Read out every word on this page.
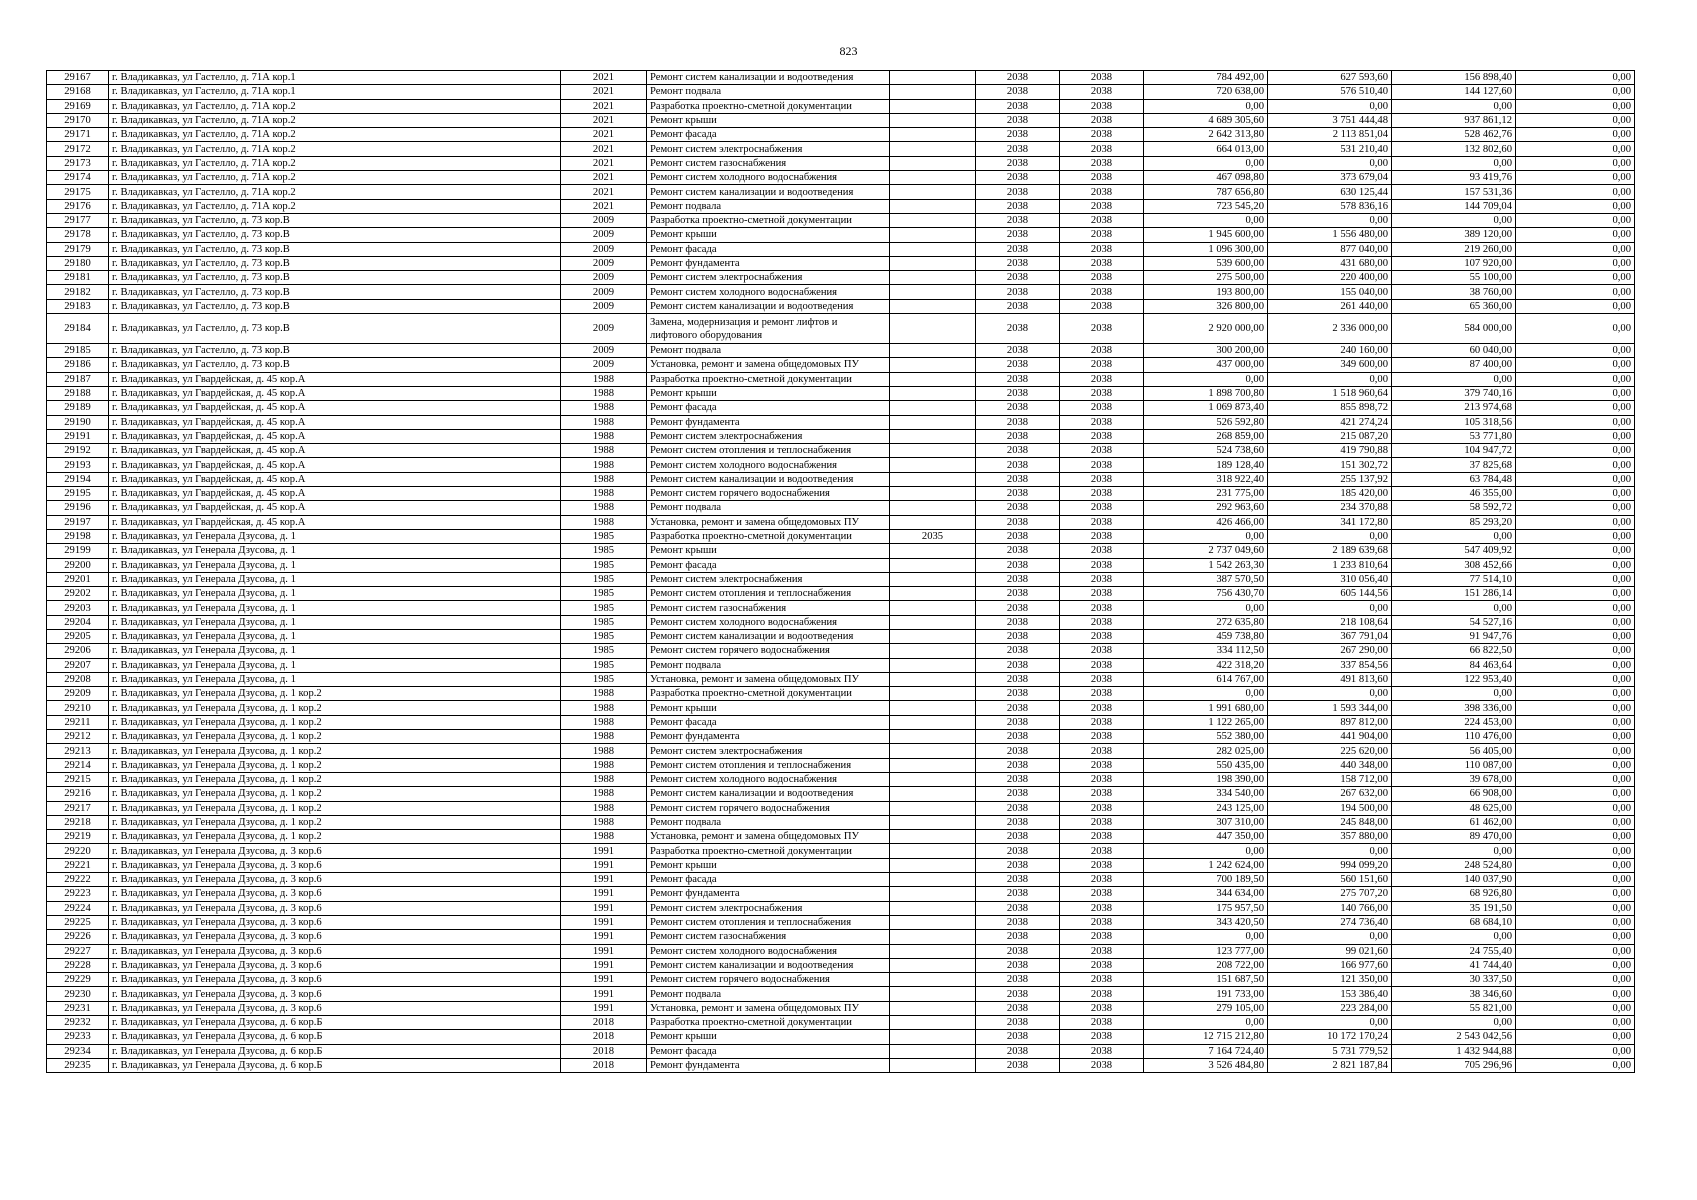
823
29167	г. Владикавказ, ул Гастелло, д. 71А кор.1	2021	Ремонт систем канализации и водоотведения		2038	2038	784 492,00	627 593,60	156 898,40	0,00
29168	г. Владикавказ, ул Гастелло, д. 71А кор.1	2021	Ремонт подвала		2038	2038	720 638,00	576 510,40	144 127,60	0,00
29169	г. Владикавказ, ул Гастелло, д. 71А кор.2	2021	Разработка проектно-сметной документации		2038	2038	0,00	0,00	0,00	0,00
29170	г. Владикавказ, ул Гастелло, д. 71А кор.2	2021	Ремонт крыши		2038	2038	4 689 305,60	3 751 444,48	937 861,12	0,00
29171	г. Владикавказ, ул Гастелло, д. 71А кор.2	2021	Ремонт фасада		2038	2038	2 642 313,80	2 113 851,04	528 462,76	0,00
29172	г. Владикавказ, ул Гастелло, д. 71А кор.2	2021	Ремонт систем электроснабжения		2038	2038	664 013,00	531 210,40	132 802,60	0,00
29173	г. Владикавказ, ул Гастелло, д. 71А кор.2	2021	Ремонт систем газоснабжения		2038	2038	0,00	0,00	0,00	0,00
29174	г. Владикавказ, ул Гастелло, д. 71А кор.2	2021	Ремонт систем холодного водоснабжения		2038	2038	467 098,80	373 679,04	93 419,76	0,00
29175	г. Владикавказ, ул Гастелло, д. 71А кор.2	2021	Ремонт систем канализации и водоотведения		2038	2038	787 656,80	630 125,44	157 531,36	0,00
29176	г. Владикавказ, ул Гастелло, д. 71А кор.2	2021	Ремонт подвала		2038	2038	723 545,20	578 836,16	144 709,04	0,00
29177	г. Владикавказ, ул Гастелло, д. 73 кор.В	2009	Разработка проектно-сметной документации		2038	2038	0,00	0,00	0,00	0,00
29178	г. Владикавказ, ул Гастелло, д. 73 кор.В	2009	Ремонт крыши		2038	2038	1 945 600,00	1 556 480,00	389 120,00	0,00
29179	г. Владикавказ, ул Гастелло, д. 73 кор.В	2009	Ремонт фасада		2038	2038	1 096 300,00	877 040,00	219 260,00	0,00
29180	г. Владикавказ, ул Гастелло, д. 73 кор.В	2009	Ремонт фундамента		2038	2038	539 600,00	431 680,00	107 920,00	0,00
29181	г. Владикавказ, ул Гастелло, д. 73 кор.В	2009	Ремонт систем электроснабжения		2038	2038	275 500,00	220 400,00	55 100,00	0,00
29182	г. Владикавказ, ул Гастелло, д. 73 кор.В	2009	Ремонт систем холодного водоснабжения		2038	2038	193 800,00	155 040,00	38 760,00	0,00
29183	г. Владикавказ, ул Гастелло, д. 73 кор.В	2009	Ремонт систем канализации и водоотведения		2038	2038	326 800,00	261 440,00	65 360,00	0,00
29184	г. Владикавказ, ул Гастелло, д. 73 кор.В	2009	Замена, модернизация и ремонт лифтов и лифтового оборудования		2038	2038	2 920 000,00	2 336 000,00	584 000,00	0,00
29185	г. Владикавказ, ул Гастелло, д. 73 кор.В	2009	Ремонт подвала		2038	2038	300 200,00	240 160,00	60 040,00	0,00
29186	г. Владикавказ, ул Гастелло, д. 73 кор.В	2009	Установка, ремонт и замена общедомовых ПУ		2038	2038	437 000,00	349 600,00	87 400,00	0,00
29187	г. Владикавказ, ул Гвардейская, д. 45 кор.А	1988	Разработка проектно-сметной документации		2038	2038	0,00	0,00	0,00	0,00
29188	г. Владикавказ, ул Гвардейская, д. 45 кор.А	1988	Ремонт крыши		2038	2038	1 898 700,80	1 518 960,64	379 740,16	0,00
29189	г. Владикавказ, ул Гвардейская, д. 45 кор.А	1988	Ремонт фасада		2038	2038	1 069 873,40	855 898,72	213 974,68	0,00
29190	г. Владикавказ, ул Гвардейская, д. 45 кор.А	1988	Ремонт фундамента		2038	2038	526 592,80	421 274,24	105 318,56	0,00
29191	г. Владикавказ, ул Гвардейская, д. 45 кор.А	1988	Ремонт систем электроснабжения		2038	2038	268 859,00	215 087,20	53 771,80	0,00
29192	г. Владикавказ, ул Гвардейская, д. 45 кор.А	1988	Ремонт систем отопления и теплоснабжения		2038	2038	524 738,60	419 790,88	104 947,72	0,00
29193	г. Владикавказ, ул Гвардейская, д. 45 кор.А	1988	Ремонт систем холодного водоснабжения		2038	2038	189 128,40	151 302,72	37 825,68	0,00
29194	г. Владикавказ, ул Гвардейская, д. 45 кор.А	1988	Ремонт систем канализации и водоотведения		2038	2038	318 922,40	255 137,92	63 784,48	0,00
29195	г. Владикавказ, ул Гвардейская, д. 45 кор.А	1988	Ремонт систем горячего водоснабжения		2038	2038	231 775,00	185 420,00	46 355,00	0,00
29196	г. Владикавказ, ул Гвардейская, д. 45 кор.А	1988	Ремонт подвала		2038	2038	292 963,60	234 370,88	58 592,72	0,00
29197	г. Владикавказ, ул Гвардейская, д. 45 кор.А	1988	Установка, ремонт и замена общедомовых ПУ		2038	2038	426 466,00	341 172,80	85 293,20	0,00
29198	г. Владикавказ, ул Генерала Дзусова, д. 1	1985	Разработка проектно-сметной документации	2035	2038	2038	0,00	0,00	0,00	0,00
29199	г. Владикавказ, ул Генерала Дзусова, д. 1	1985	Ремонт крыши		2038	2038	2 737 049,60	2 189 639,68	547 409,92	0,00
29200	г. Владикавказ, ул Генерала Дзусова, д. 1	1985	Ремонт фасада		2038	2038	1 542 263,30	1 233 810,64	308 452,66	0,00
29201	г. Владикавказ, ул Генерала Дзусова, д. 1	1985	Ремонт систем электроснабжения		2038	2038	387 570,50	310 056,40	77 514,10	0,00
29202	г. Владикавказ, ул Генерала Дзусова, д. 1	1985	Ремонт систем отопления и теплоснабжения		2038	2038	756 430,70	605 144,56	151 286,14	0,00
29203	г. Владикавказ, ул Генерала Дзусова, д. 1	1985	Ремонт систем газоснабжения		2038	2038	0,00	0,00	0,00	0,00
29204	г. Владикавказ, ул Генерала Дзусова, д. 1	1985	Ремонт систем холодного водоснабжения		2038	2038	272 635,80	218 108,64	54 527,16	0,00
29205	г. Владикавказ, ул Генерала Дзусова, д. 1	1985	Ремонт систем канализации и водоотведения		2038	2038	459 738,80	367 791,04	91 947,76	0,00
29206	г. Владикавказ, ул Генерала Дзусова, д. 1	1985	Ремонт систем горячего водоснабжения		2038	2038	334 112,50	267 290,00	66 822,50	0,00
29207	г. Владикавказ, ул Генерала Дзусова, д. 1	1985	Ремонт подвала		2038	2038	422 318,20	337 854,56	84 463,64	0,00
29208	г. Владикавказ, ул Генерала Дзусова, д. 1	1985	Установка, ремонт и замена общедомовых ПУ		2038	2038	614 767,00	491 813,60	122 953,40	0,00
29209	г. Владикавказ, ул Генерала Дзусова, д. 1 кор.2	1988	Разработка проектно-сметной документации		2038	2038	0,00	0,00	0,00	0,00
29210	г. Владикавказ, ул Генерала Дзусова, д. 1 кор.2	1988	Ремонт крыши		2038	2038	1 991 680,00	1 593 344,00	398 336,00	0,00
29211	г. Владикавказ, ул Генерала Дзусова, д. 1 кор.2	1988	Ремонт фасада		2038	2038	1 122 265,00	897 812,00	224 453,00	0,00
29212	г. Владикавказ, ул Генерала Дзусова, д. 1 кор.2	1988	Ремонт фундамента		2038	2038	552 380,00	441 904,00	110 476,00	0,00
29213	г. Владикавказ, ул Генерала Дзусова, д. 1 кор.2	1988	Ремонт систем электроснабжения		2038	2038	282 025,00	225 620,00	56 405,00	0,00
29214	г. Владикавказ, ул Генерала Дзусова, д. 1 кор.2	1988	Ремонт систем отопления и теплоснабжения		2038	2038	550 435,00	440 348,00	110 087,00	0,00
29215	г. Владикавказ, ул Генерала Дзусова, д. 1 кор.2	1988	Ремонт систем холодного водоснабжения		2038	2038	198 390,00	158 712,00	39 678,00	0,00
29216	г. Владикавказ, ул Генерала Дзусова, д. 1 кор.2	1988	Ремонт систем канализации и водоотведения		2038	2038	334 540,00	267 632,00	66 908,00	0,00
29217	г. Владикавказ, ул Генерала Дзусова, д. 1 кор.2	1988	Ремонт систем горячего водоснабжения		2038	2038	243 125,00	194 500,00	48 625,00	0,00
29218	г. Владикавказ, ул Генерала Дзусова, д. 1 кор.2	1988	Ремонт подвала		2038	2038	307 310,00	245 848,00	61 462,00	0,00
29219	г. Владикавказ, ул Генерала Дзусова, д. 1 кор.2	1988	Установка, ремонт и замена общедомовых ПУ		2038	2038	447 350,00	357 880,00	89 470,00	0,00
29220	г. Владикавказ, ул Генерала Дзусова, д. 3 кор.6	1991	Разработка проектно-сметной документации		2038	2038	0,00	0,00	0,00	0,00
29221	г. Владикавказ, ул Генерала Дзусова, д. 3 кор.6	1991	Ремонт крыши		2038	2038	1 242 624,00	994 099,20	248 524,80	0,00
29222	г. Владикавказ, ул Генерала Дзусова, д. 3 кор.6	1991	Ремонт фасада		2038	2038	700 189,50	560 151,60	140 037,90	0,00
29223	г. Владикавказ, ул Генерала Дзусова, д. 3 кор.6	1991	Ремонт фундамента		2038	2038	344 634,00	275 707,20	68 926,80	0,00
29224	г. Владикавказ, ул Генерала Дзусова, д. 3 кор.6	1991	Ремонт систем электроснабжения		2038	2038	175 957,50	140 766,00	35 191,50	0,00
29225	г. Владикавказ, ул Генерала Дзусова, д. 3 кор.6	1991	Ремонт систем отопления и теплоснабжения		2038	2038	343 420,50	274 736,40	68 684,10	0,00
29226	г. Владикавказ, ул Генерала Дзусова, д. 3 кор.6	1991	Ремонт систем газоснабжения		2038	2038	0,00	0,00	0,00	0,00
29227	г. Владикавказ, ул Генерала Дзусова, д. 3 кор.6	1991	Ремонт систем холодного водоснабжения		2038	2038	123 777,00	99 021,60	24 755,40	0,00
29228	г. Владикавказ, ул Генерала Дзусова, д. 3 кор.6	1991	Ремонт систем канализации и водоотведения		2038	2038	208 722,00	166 977,60	41 744,40	0,00
29229	г. Владикавказ, ул Генерала Дзусова, д. 3 кор.6	1991	Ремонт систем горячего водоснабжения		2038	2038	151 687,50	121 350,00	30 337,50	0,00
29230	г. Владикавказ, ул Генерала Дзусова, д. 3 кор.6	1991	Ремонт подвала		2038	2038	191 733,00	153 386,40	38 346,60	0,00
29231	г. Владикавказ, ул Генерала Дзусова, д. 3 кор.6	1991	Установка, ремонт и замена общедомовых ПУ		2038	2038	279 105,00	223 284,00	55 821,00	0,00
29232	г. Владикавказ, ул Генерала Дзусова, д. 6 кор.Б	2018	Разработка проектно-сметной документации		2038	2038	0,00	0,00	0,00	0,00
29233	г. Владикавказ, ул Генерала Дзусова, д. 6 кор.Б	2018	Ремонт крыши		2038	2038	12 715 212,80	10 172 170,24	2 543 042,56	0,00
29234	г. Владикавказ, ул Генерала Дзусова, д. 6 кор.Б	2018	Ремонт фасада		2038	2038	7 164 724,40	5 731 779,52	1 432 944,88	0,00
29235	г. Владикавказ, ул Генерала Дзусова, д. 6 кор.Б	2018	Ремонт фундамента		2038	2038	3 526 484,80	2 821 187,84	705 296,96	0,00
